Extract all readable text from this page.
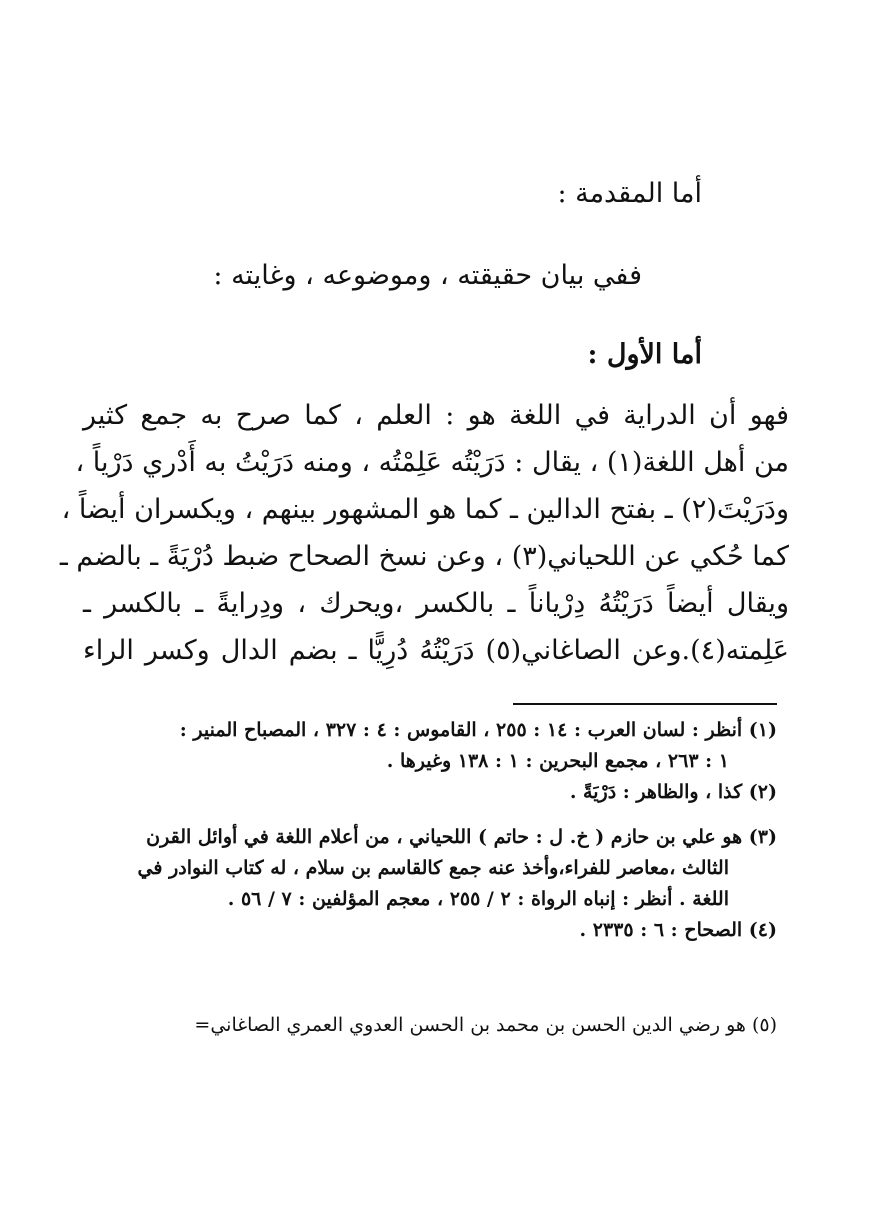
أما المقدمة :
ففي بيان حقيقته ، وموضوعه ، وغايته :
أما الأول :
فهو أن الدراية في اللغة هو : العلم ، كما صرح به جمع كثير
من أهل اللغة(١) ، يقال : دَرَيْتُه عَلِمْتُه ، ومنه دَرَيْتُ به أَدْري دَرْياً ،
ودَرَيْتَ(٢) ـ بفتح الدالين ـ كما هو المشهور بينهم ، ويكسران أيضاً ،
كما حُكي عن اللحياني(٣) ، وعن نسخ الصحاح ضبط دُرْيَةً ـ بالضم ـ
ويقال أيضاً دَرَيْتُهُ دِرْياناً ـ بالكسر ،ويحرك ، ودِرايةً ـ بالكسر ـ
عَلِمته(٤).وعن الصاغاني(٥) دَرَيْتُهُ دُرِيًّا ـ بضم الدال وكسر الراء
(١) أنظر : لسان العرب : ١٤ : ٢٥٥ ، القاموس : ٤ : ٣٢٧ ، المصباح المنير :
١ : ٢٦٣ ، مجمع البحرين : ١ : ١٣٨ وغيرها .
(٢) كذا ، والظاهر : دَرْيَةً .
(٣) هو علي بن حازم ( خ. ل : حاتم ) اللحياني ، من أعلام اللغة في أوائل القرن
الثالث ،معاصر للفراء،وأخذ عنه جمع كالقاسم بن سلام ، له كتاب النوادر في
اللغة . أنظر : إنباه الرواة : ٢ / ٢٥٥ ، معجم المؤلفين : ٧ / ٥٦ .
(٤) الصحاح : ٦ : ٢٣٣٥ .
(٥) هو رضي الدين الحسن بن محمد بن الحسن العدوي العمري الصاغاني=
